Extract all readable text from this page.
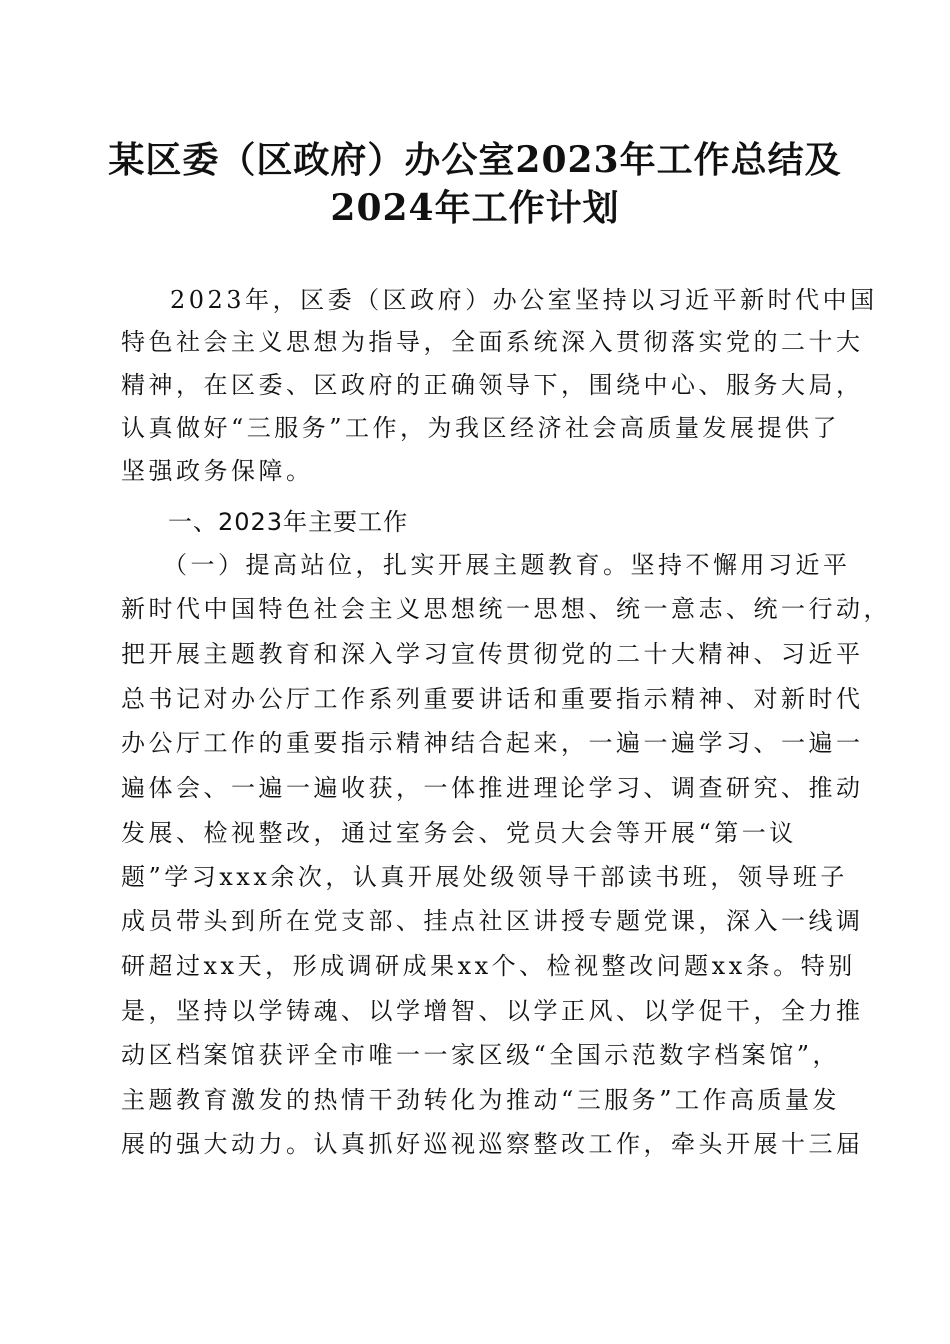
某区委（区政府）办公室2023年工作总结及
2024年工作计划
2023年，区委（区政府）办公室坚持以习近平新时代中国
特色社会主义思想为指导，全面系统深入贯彻落实党的二十大
精神，在区委、区政府的正确领导下，围绕中心、服务大局，
认真做好“三服务”工作，为我区经济社会高质量发展提供了
坚强政务保障。
一、2023年主要工作
（一）提高站位，扎实开展主题教育。坚持不懈用习近平
新时代中国特色社会主义思想统一思想、统一意志、统一行动，
把开展主题教育和深入学习宣传贯彻党的二十大精神、习近平
总书记对办公厅工作系列重要讲话和重要指示精神、对新时代
办公厅工作的重要指示精神结合起来，一遍一遍学习、一遍一
遍体会、一遍一遍收获，一体推进理论学习、调查研究、推动
发展、检视整改，通过室务会、党员大会等开展“第一议
题”学习xxx余次，认真开展处级领导干部读书班，领导班子
成员带头到所在党支部、挂点社区讲授专题党课，深入一线调
研超过xx天，形成调研成果xx个、检视整改问题xx条。特别
是，坚持以学铸魂、以学增智、以学正风、以学促干，全力推
动区档案馆获评全市唯一一家区级“全国示范数字档案馆”，
主题教育激发的热情干劲转化为推动“三服务”工作高质量发
展的强大动力。认真抓好巡视巡察整改工作，牵头开展十三届
